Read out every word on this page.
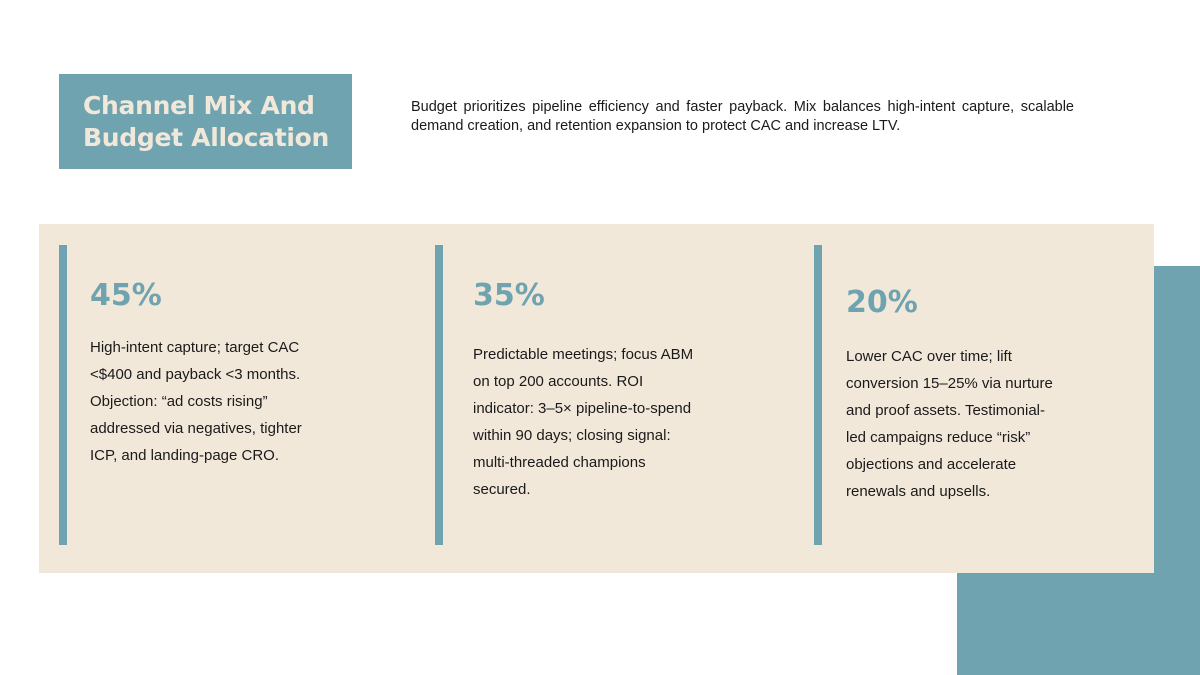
Channel Mix And Budget Allocation

Budget prioritizes pipeline efficiency and faster payback. Mix balances high-intent capture, scalable demand creation, and retention expansion to protect CAC and increase LTV.

45%

High-intent capture; target CAC <$400 and payback <3 months. Objection: “ad costs rising” addressed via negatives, tighter ICP, and landing-page CRO.

35%

Predictable meetings; focus ABM on top 200 accounts. ROI indicator: 3–5× pipeline-to-spend within 90 days; closing signal: multi-threaded champions secured.

20%

Lower CAC over time; lift conversion 15–25% via nurture and proof assets. Testimonial-led campaigns reduce “risk” objections and accelerate renewals and upsells.
